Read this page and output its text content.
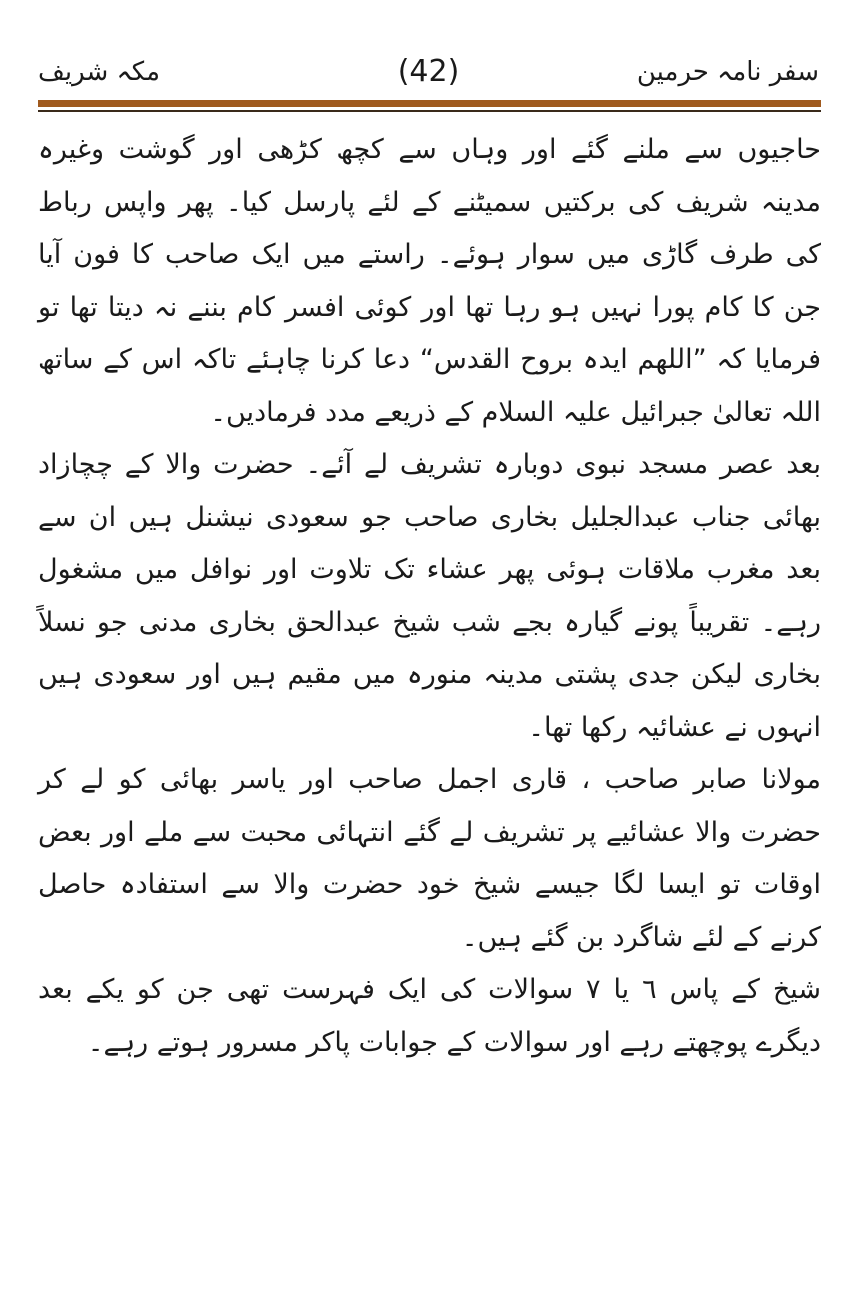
سفر نامہ حرمین
(42)
مکہ شریف

حاجیوں سے ملنے گئے اور وہاں سے کچھ کڑھی اور گوشت وغیرہ مدینہ شریف کی برکتیں سمیٹنے کے لئے پارسل کیا۔ پھر واپس رباط کی طرف گاڑی میں سوار ہوئے۔ راستے میں ایک صاحب کا فون آیا جن کا کام پورا نہیں ہو رہا تھا اور کوئی افسر کام بننے نہ دیتا تھا تو فرمایا کہ ”اللھم ایدہ بروح القدس“ دعا کرنا چاہئے تاکہ اس کے ساتھ اللہ تعالیٰ جبرائیل علیہ السلام کے ذریعے مدد فرمادیں۔

بعد عصر مسجد نبوی دوبارہ تشریف لے آئے۔ حضرت والا کے چچازاد بھائی جناب عبدالجلیل بخاری صاحب جو سعودی نیشنل ہیں ان سے بعد مغرب ملاقات ہوئی پھر عشاء تک تلاوت اور نوافل میں مشغول رہے۔ تقریباً پونے گیارہ بجے شب شیخ عبدالحق بخاری مدنی جو نسلاً بخاری لیکن جدی پشتی مدینہ منورہ میں مقیم ہیں اور سعودی ہیں انہوں نے عشائیہ رکھا تھا۔

مولانا صابر صاحب ، قاری اجمل صاحب اور یاسر بھائی کو لے کر حضرت والا عشائیے پر تشریف لے گئے انتہائی محبت سے ملے اور بعض اوقات تو ایسا لگا جیسے شیخ خود حضرت والا سے استفادہ حاصل کرنے کے لئے شاگرد بن گئے ہیں۔

شیخ کے پاس ٦ یا ٧ سوالات کی ایک فہرست تھی جن کو یکے بعد دیگرے پوچھتے رہے اور سوالات کے جوابات پاکر مسرور ہوتے رہے۔
